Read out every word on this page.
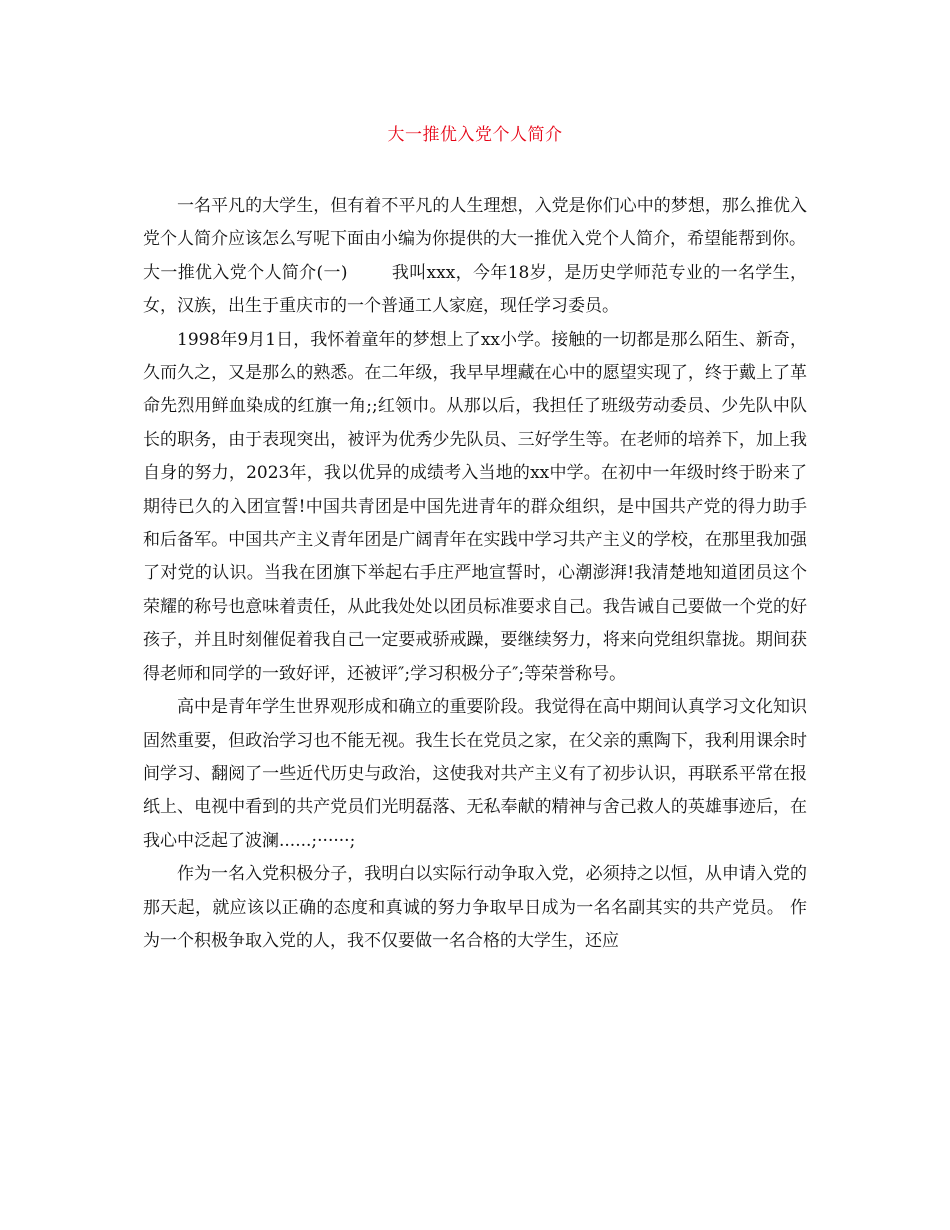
大一推优入党个人简介

一名平凡的大学生，但有着不平凡的人生理想，入党是你们心中的梦想，那么推优入党个人简介应该怎么写呢下面由小编为你提供的大一推优入党个人简介，希望能帮到你。

大一推优入党个人简介(一)	我叫xxx，今年18岁，是历史学师范专业的一名学生，女，汉族，出生于重庆市的一个普通工人家庭，现任学习委员。

1998年9月1日，我怀着童年的梦想上了xx小学。接触的一切都是那么陌生、新奇，久而久之，又是那么的熟悉。在二年级，我早早埋藏在心中的愿望实现了，终于戴上了革命先烈用鲜血染成的红旗一角;;红领巾。从那以后，我担任了班级劳动委员、少先队中队长的职务，由于表现突出，被评为优秀少先队员、三好学生等。在老师的培养下，加上我自身的努力，2023年，我以优异的成绩考入当地的xx中学。在初中一年级时终于盼来了期待已久的入团宣誓!中国共青团是中国先进青年的群众组织，是中国共产党的得力助手和后备军。中国共产主义青年团是广阔青年在实践中学习共产主义的学校，在那里我加强了对党的认识。当我在团旗下举起右手庄严地宣誓时，心潮澎湃!我清楚地知道团员这个荣耀的称号也意味着责任，从此我处处以团员标准要求自己。我告诫自己要做一个党的好孩子，并且时刻催促着我自己一定要戒骄戒躁，要继续努力，将来向党组织靠拢。期间获得老师和同学的一致好评，还被评″;学习积极分子″;等荣誉称号。

高中是青年学生世界观形成和确立的重要阶段。我觉得在高中期间认真学习文化知识固然重要，但政治学习也不能无视。我生长在党员之家，在父亲的熏陶下，我利用课余时间学习、翻阅了一些近代历史与政治，这使我对共产主义有了初步认识，再联系平常在报纸上、电视中看到的共产党员们光明磊落、无私奉献的精神与舍己救人的英雄事迹后，在我心中泛起了波澜......;······;

作为一名入党积极分子，我明白以实际行动争取入党，必须持之以恒，从申请入党的那天起，就应该以正确的态度和真诚的努力争取早日成为一名名副其实的共产党员。 作为一个积极争取入党的人，我不仅要做一名合格的大学生，还应
